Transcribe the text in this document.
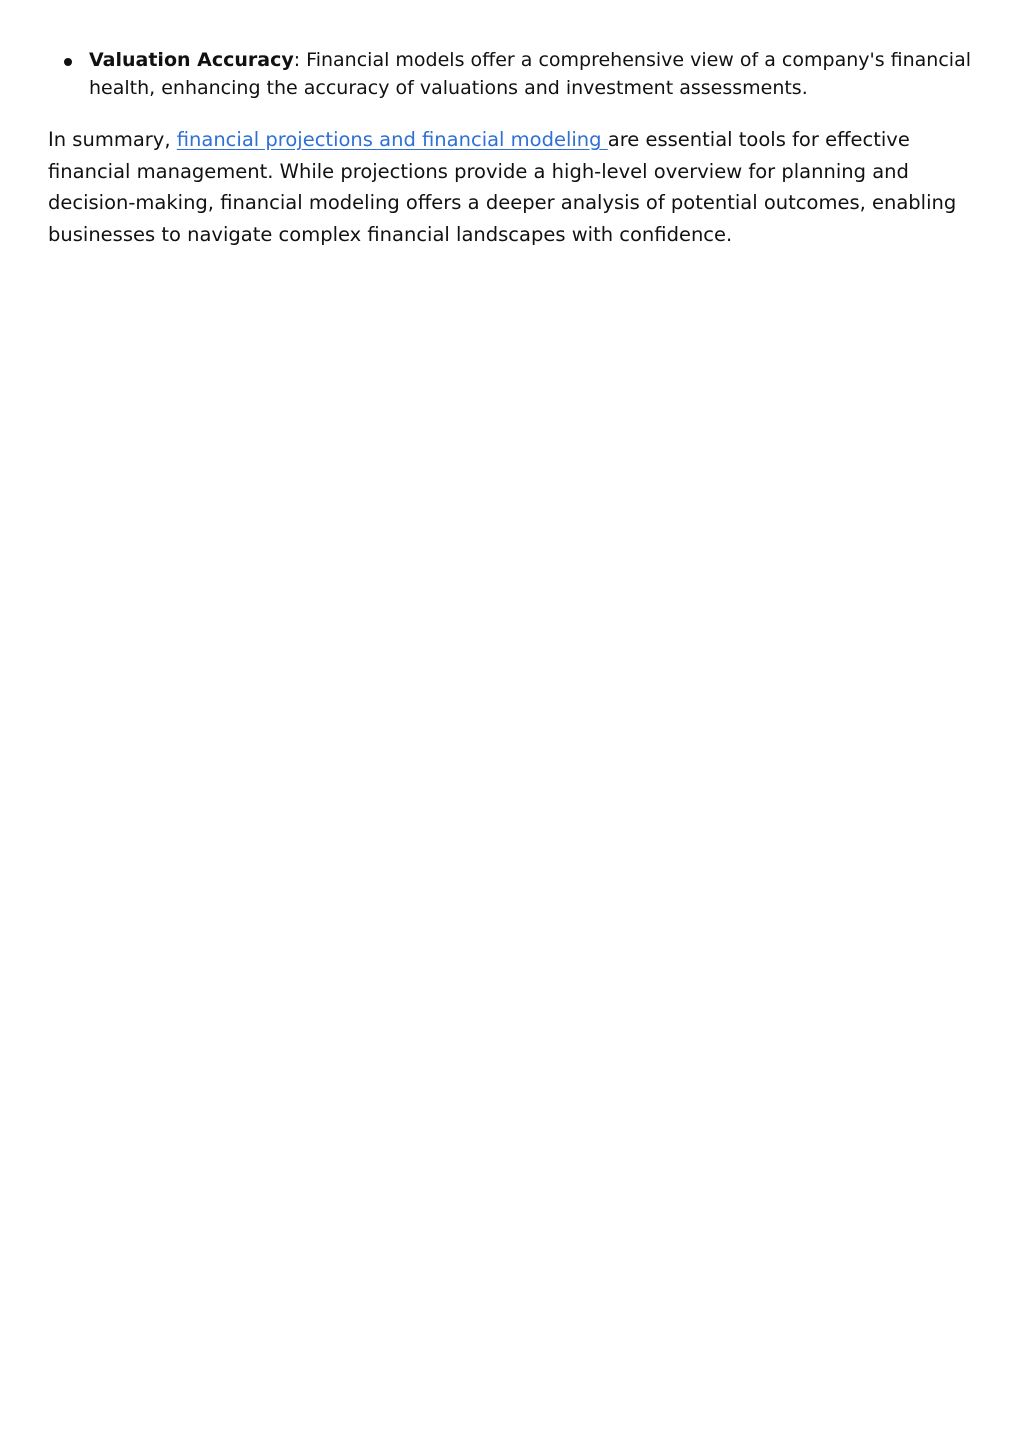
Valuation Accuracy: Financial models offer a comprehensive view of a company's financial health, enhancing the accuracy of valuations and investment assessments.

In summary, financial projections and financial modeling are essential tools for effective financial management. While projections provide a high-level overview for planning and decision-making, financial modeling offers a deeper analysis of potential outcomes, enabling businesses to navigate complex financial landscapes with confidence.
